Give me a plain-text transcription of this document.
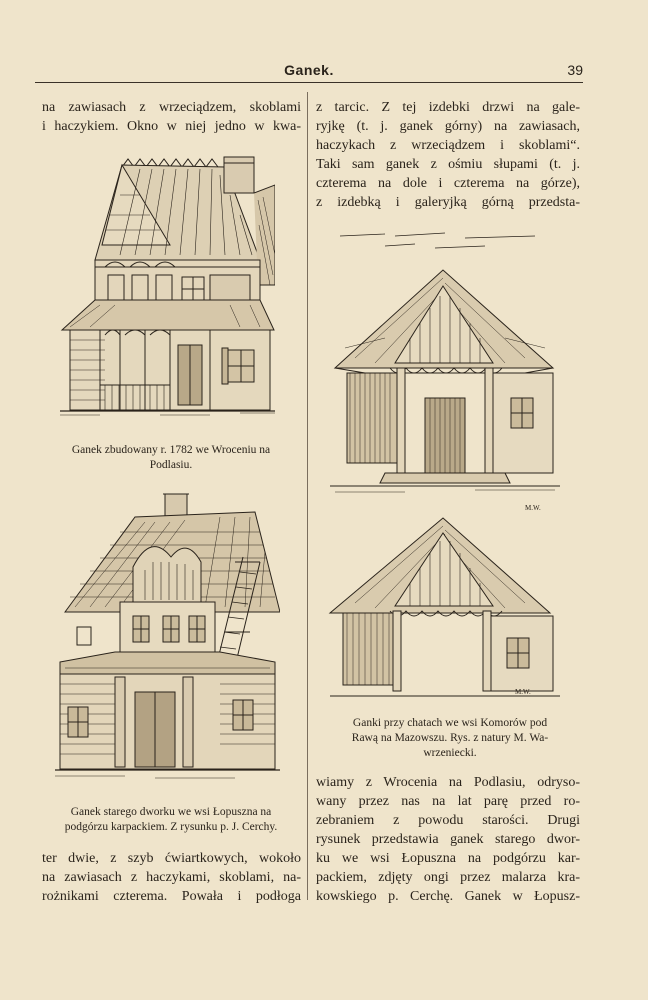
Ganek.	39
na zawiasach z wrzeciądzem, skoblami
i haczykiem. Okno w niej jedno w kwa-
Ganek zbudowany r. 1782 we Wroceniu na
Podlasiu.
Ganek starego dworku we wsi Łopuszna na
podgórzu karpackiem. Z rysunku p. J. Cerchy.
ter dwie, z szyb ćwiartkowych, wokoło
na zawiasach z haczykami, skoblami, na-
rożnikami czterema. Powała i podłoga
z tarcic. Z tej izdebki drzwi na gale-
ryjkę (t. j. ganek górny) na zawiasach,
haczykach z wrzeciądzem i skoblami“.
Taki sam ganek z ośmiu słupami (t. j.
czterema na dole i czterema na górze),
z izdebką i galeryjką górną przedsta-
M.W.
M.W.
Ganki przy chatach we wsi Komorów pod
Rawą na Mazowszu. Rys. z natury M. Wa-
wrzeniecki.
wiamy z Wrocenia na Podlasiu, odryso-
wany przez nas na lat parę przed ro-
zebraniem z powodu starości. Drugi
rysunek przedstawia ganek starego dwor-
ku we wsi Łopuszna na podgórzu kar-
packiem, zdjęty ongi przez malarza kra-
kowskiego p. Cerchę. Ganek w Łopusz-
